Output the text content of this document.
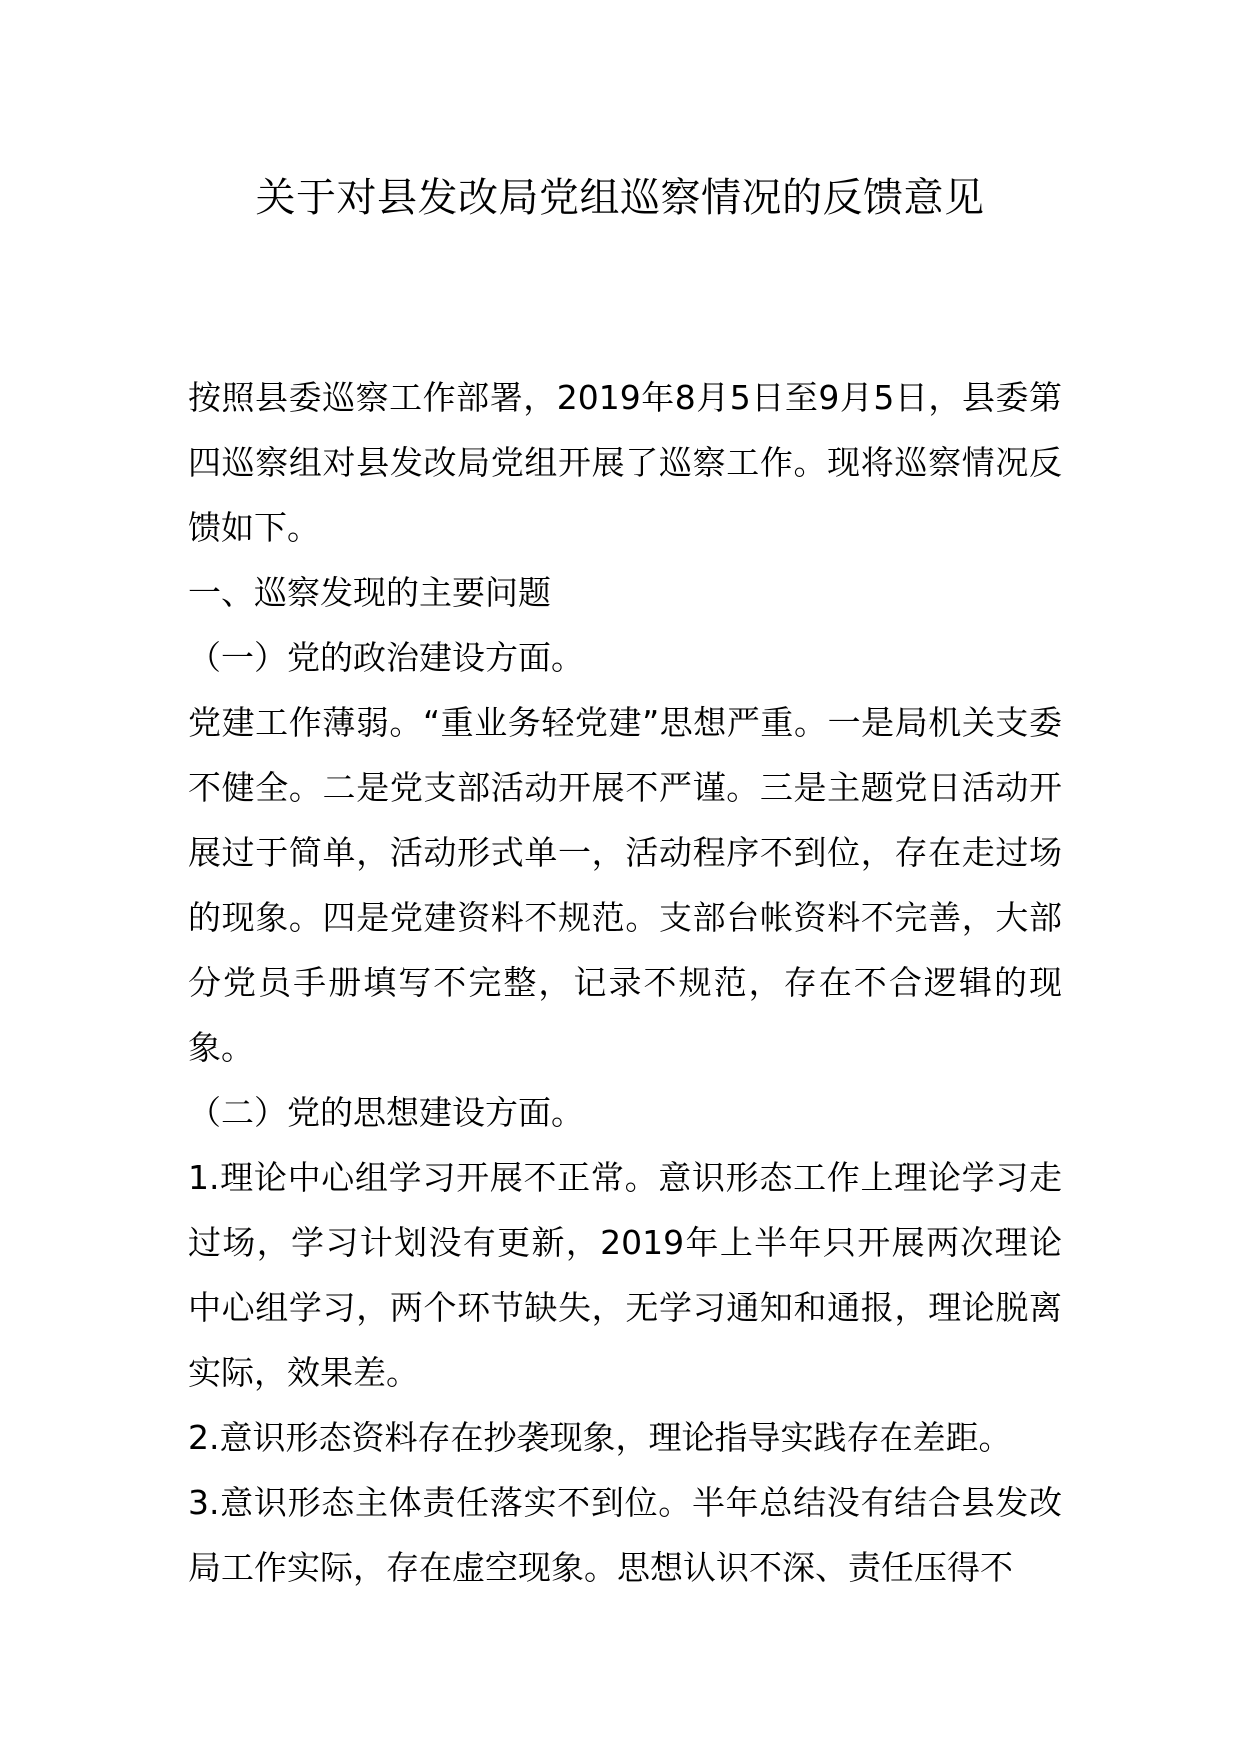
关于对县发改局党组巡察情况的反馈意见

按照县委巡察工作部署，2019年8月5日至9月5日，县委第四巡察组对县发改局党组开展了巡察工作。现将巡察情况反馈如下。

一、巡察发现的主要问题

（一）党的政治建设方面。

党建工作薄弱。“重业务轻党建”思想严重。一是局机关支委不健全。二是党支部活动开展不严谨。三是主题党日活动开展过于简单，活动形式单一，活动程序不到位，存在走过场的现象。四是党建资料不规范。支部台帐资料不完善，大部分党员手册填写不完整，记录不规范，存在不合逻辑的现象。

（二）党的思想建设方面。

1.理论中心组学习开展不正常。意识形态工作上理论学习走过场，学习计划没有更新，2019年上半年只开展两次理论中心组学习，两个环节缺失，无学习通知和通报，理论脱离实际，效果差。

2.意识形态资料存在抄袭现象，理论指导实践存在差距。

3.意识形态主体责任落实不到位。半年总结没有结合县发改局工作实际，存在虚空现象。思想认识不深、责任压得不
